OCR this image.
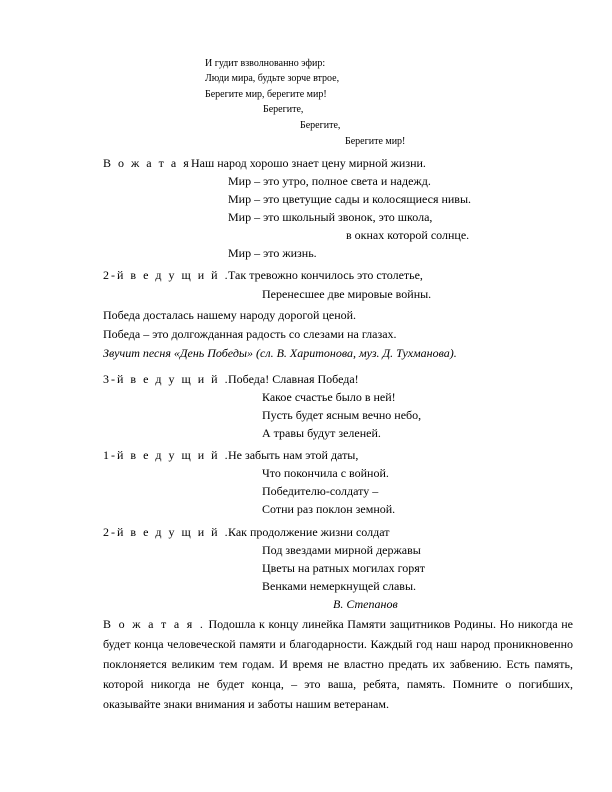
И гудит взволнованно эфир:
Люди мира, будьте зорче втрое,
Берегите мир, берегите мир!
Берегите,
Берегите,
Берегите мир!
В о ж а т а я .
Наш народ хорошо знает цену мирной жизни.
Мир – это утро, полное света и надежд.
Мир – это цветущие сады и колосящиеся нивы.
Мир – это школьный звонок, это школа,
в окнах которой солнце.
Мир – это жизнь.
2-й в е д у щ и й .
Так тревожно кончилось это столетье,
Перенесшее две мировые войны.
Победа досталась нашему народу дорогой ценой.
Победа – это долгожданная радость со слезами на глазах.
Звучит песня «День Победы» (сл. В. Харитонова, муз. Д. Тухманова).
3-й в е д у щ и й .
Победа! Славная Победа!
Какое счастье было в ней!
Пусть будет ясным вечно небо,
А травы будут зеленей.
1-й в е д у щ и й .
Не забыть нам этой даты,
Что покончила с войной.
Победителю-солдату –
Сотни раз поклон земной.
2-й в е д у щ и й .
Как продолжение жизни солдат
Под звездами мирной державы
Цветы на ратных могилах горят
Венками немеркнущей славы.
В. Степанов
В о ж а т а я . Подошла к концу линейка Памяти защитников Родины. Но никогда не будет конца человеческой памяти и благодарности. Каждый год наш народ проникновенно поклоняется великим тем годам. И время не властно предать их забвению. Есть память, которой никогда не будет конца, – это ваша, ребята, память. Помните о погибших, оказывайте знаки внимания и заботы нашим ветеранам.
